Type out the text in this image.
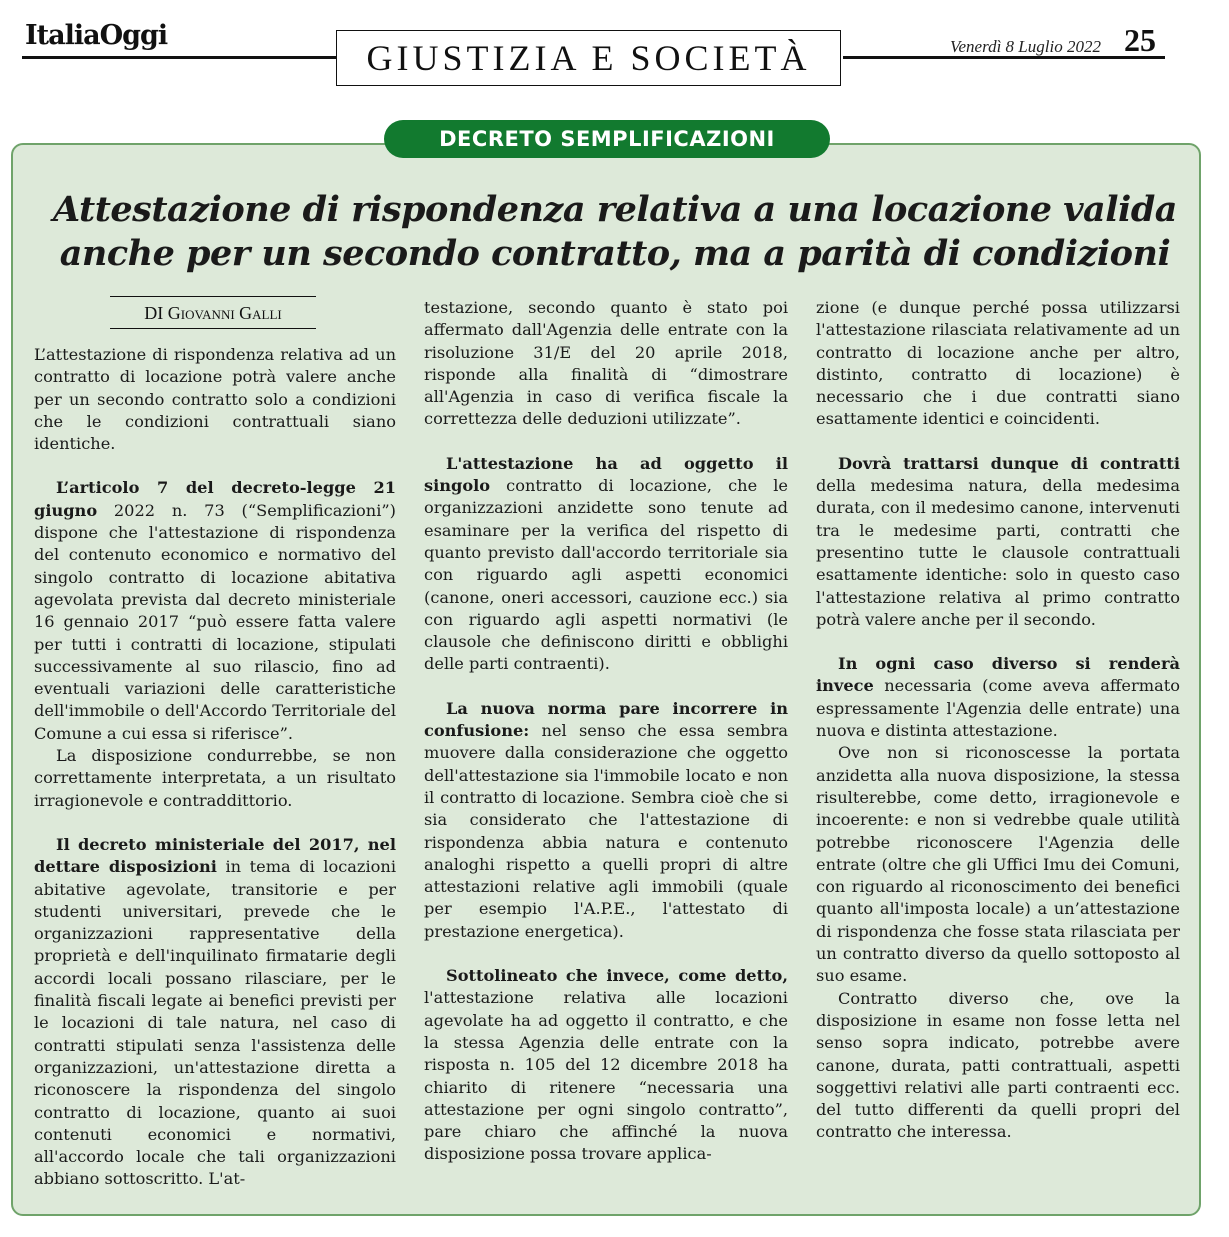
ItaliaOggi
GIUSTIZIA E SOCIETÀ	Venerdì 8 Luglio 2022 25
DECRETO SEMPLIFICAZIONI
Attestazione di rispondenza relativa a una locazione valida anche per un secondo contratto, ma a parità di condizioni
DI Giovanni Galli

L’attestazione di rispondenza relativa ad un contratto di locazione potrà valere anche per un secondo contratto solo a condizioni che le condizioni contrattuali siano identiche.

L’articolo 7 del decreto-legge 21 giugno 2022 n. 73 (“Semplificazioni”) dispone che l'attestazione di rispondenza del contenuto economico e normativo del singolo contratto di locazione abitativa agevolata prevista dal decreto ministeriale 16 gennaio 2017 “può essere fatta valere per tutti i contratti di locazione, stipulati successivamente al suo rilascio, fino ad eventuali variazioni delle caratteristiche dell'immobile o dell'Accordo Territoriale del Comune a cui essa si riferisce”.

La disposizione condurrebbe, se non correttamente interpretata, a un risultato irragionevole e contraddittorio.

Il decreto ministeriale del 2017, nel dettare disposizioni in tema di locazioni abitative agevolate, transitorie e per studenti universitari, prevede che le organizzazioni rappresentative della proprietà e dell'inquilinato firmatarie degli accordi locali possano rilasciare, per le finalità fiscali legate ai benefici previsti per le locazioni di tale natura, nel caso di contratti stipulati senza l'assistenza delle organizzazioni, un'attestazione diretta a riconoscere la rispondenza del singolo contratto di locazione, quanto ai suoi contenuti economici e normativi, all'accordo locale che tali organizzazioni abbiano sottoscritto. L'at-

testazione, secondo quanto è stato poi affermato dall'Agenzia delle entrate con la risoluzione 31/E del 20 aprile 2018, risponde alla finalità di “dimostrare all'Agenzia in caso di verifica fiscale la correttezza delle deduzioni utilizzate”.

L'attestazione ha ad oggetto il singolo contratto di locazione, che le organizzazioni anzidette sono tenute ad esaminare per la verifica del rispetto di quanto previsto dall'accordo territoriale sia con riguardo agli aspetti economici (canone, oneri accessori, cauzione ecc.) sia con riguardo agli aspetti normativi (le clausole che definiscono diritti e obblighi delle parti contraenti).

La nuova norma pare incorrere in confusione: nel senso che essa sembra muovere dalla considerazione che oggetto dell'attestazione sia l'immobile locato e non il contratto di locazione. Sembra cioè che si sia considerato che l'attestazione di rispondenza abbia natura e contenuto analoghi rispetto a quelli propri di altre attestazioni relative agli immobili (quale per esempio l'A.P.E., l'attestato di prestazione energetica).

Sottolineato che invece, come detto, l'attestazione relativa alle locazioni agevolate ha ad oggetto il contratto, e che la stessa Agenzia delle entrate con la risposta n. 105 del 12 dicembre 2018 ha chiarito di ritenere “necessaria una attestazione per ogni singolo contratto”, pare chiaro che affinché la nuova disposizione possa trovare applica-

zione (e dunque perché possa utilizzarsi l'attestazione rilasciata relativamente ad un contratto di locazione anche per altro, distinto, contratto di locazione) è necessario che i due contratti siano esattamente identici e coincidenti.

Dovrà trattarsi dunque di contratti della medesima natura, della medesima durata, con il medesimo canone, intervenuti tra le medesime parti, contratti che presentino tutte le clausole contrattuali esattamente identiche: solo in questo caso l'attestazione relativa al primo contratto potrà valere anche per il secondo.

In ogni caso diverso si renderà invece necessaria (come aveva affermato espressamente l'Agenzia delle entrate) una nuova e distinta attestazione.

Ove non si riconoscesse la portata anzidetta alla nuova disposizione, la stessa risulterebbe, come detto, irragionevole e incoerente: e non si vedrebbe quale utilità potrebbe riconoscere l'Agenzia delle entrate (oltre che gli Uffici Imu dei Comuni, con riguardo al riconoscimento dei benefici quanto all'imposta locale) a un’attestazione di rispondenza che fosse stata rilasciata per un contratto diverso da quello sottoposto al suo esame.

Contratto diverso che, ove la disposizione in esame non fosse letta nel senso sopra indicato, potrebbe avere canone, durata, patti contrattuali, aspetti soggettivi relativi alle parti contraenti ecc. del tutto differenti da quelli propri del contratto che interessa.
